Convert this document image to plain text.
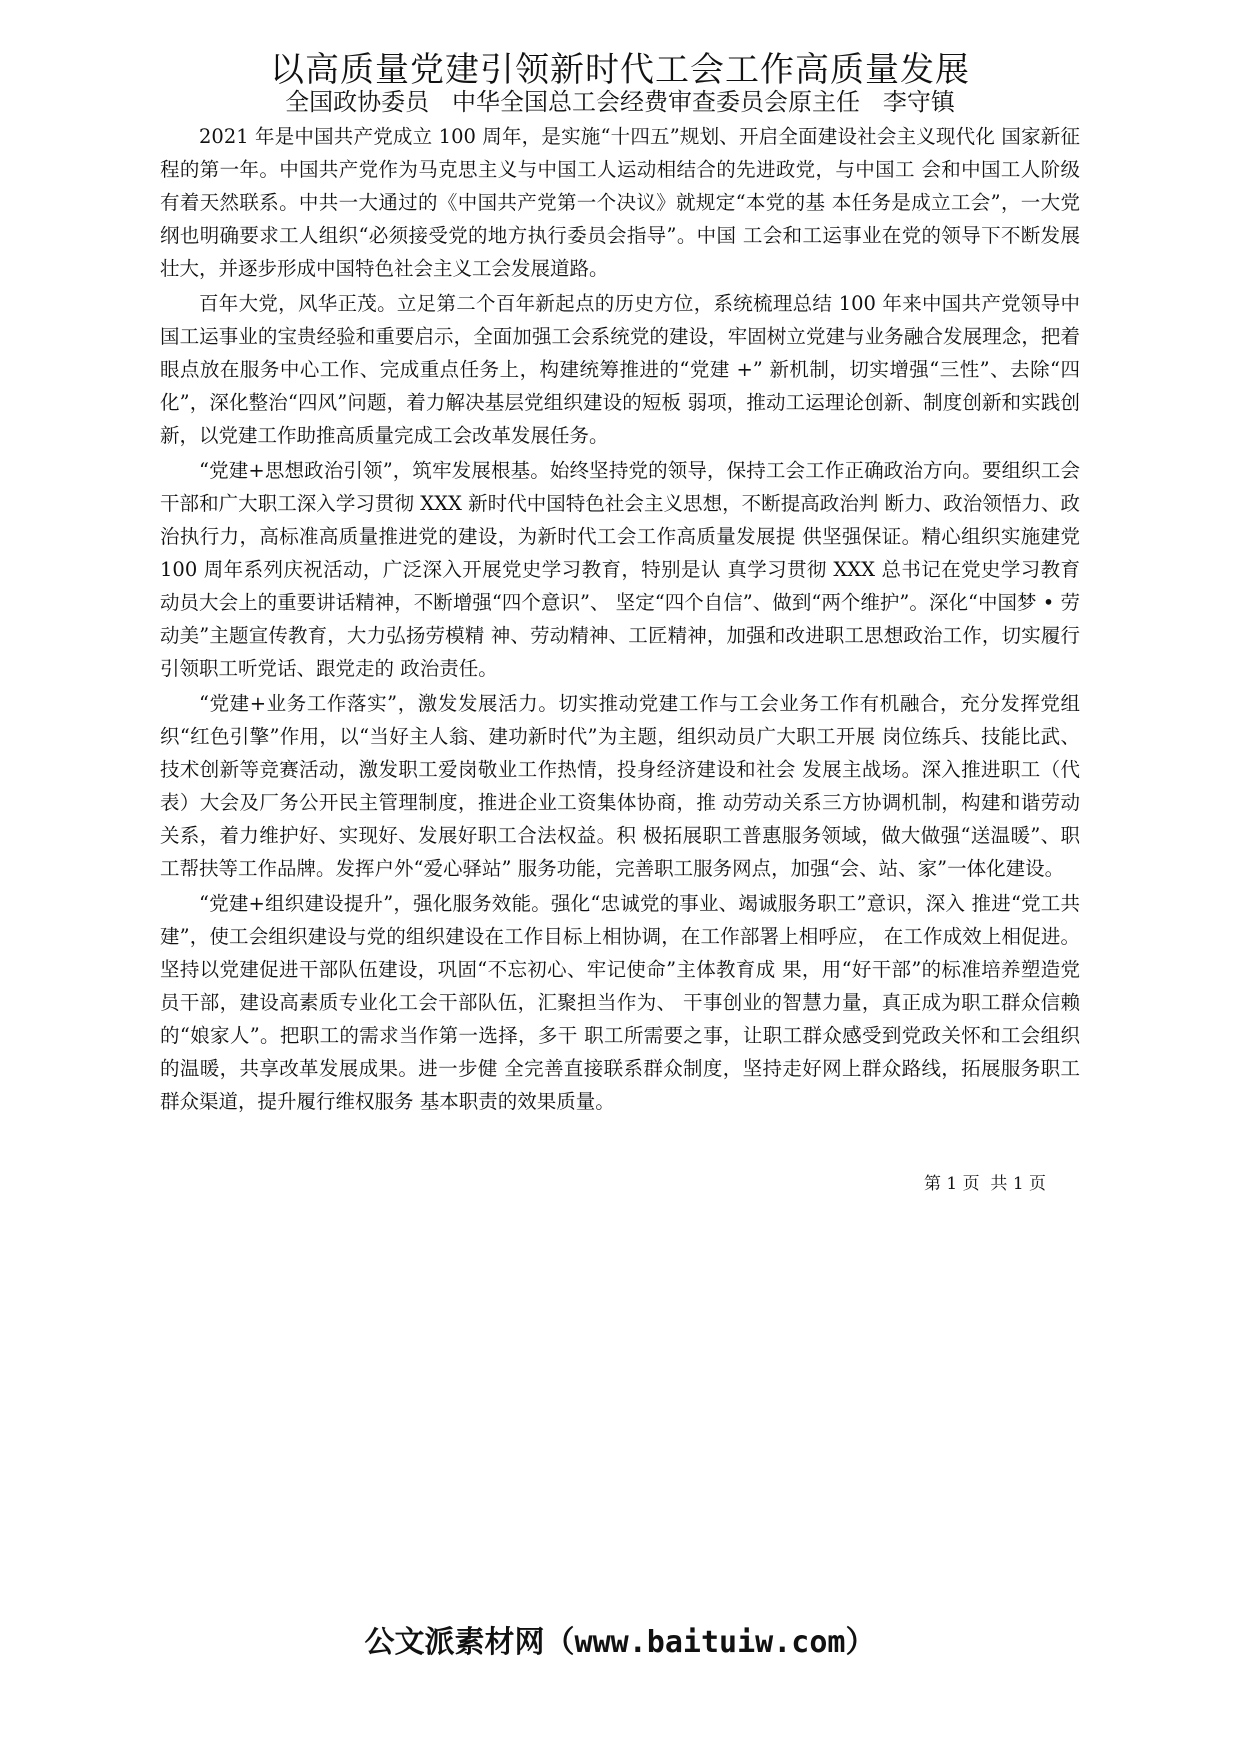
以高质量党建引领新时代工会工作高质量发展

全国政协委员   中华全国总工会经费审查委员会原主任   李守镇

2021 年是中国共产党成立 100 周年，是实施“十四五”规划、开启全面建设社会主义现代化 国家新征程的第一年。中国共产党作为马克思主义与中国工人运动相结合的先进政党，与中国工 会和中国工人阶级有着天然联系。中共一大通过的《中国共产党第一个决议》就规定“本党的基 本任务是成立工会”，一大党纲也明确要求工人组织“必须接受党的地方执行委员会指导”。中国 工会和工运事业在党的领导下不断发展壮大，并逐步形成中国特色社会主义工会发展道路。

百年大党，风华正茂。立足第二个百年新起点的历史方位，系统梳理总结 100 年来中国共产党领导中国工运事业的宝贵经验和重要启示，全面加强工会系统党的建设，牢固树立党建与业务融合发展理念，把着眼点放在服务中心工作、完成重点任务上，构建统筹推进的“党建 +” 新机制，切实增强“三性”、去除“四化”，深化整治“四风”问题，着力解决基层党组织建设的短板 弱项，推动工运理论创新、制度创新和实践创新，以党建工作助推高质量完成工会改革发展任务。

“党建+思想政治引领”，筑牢发展根基。始终坚持党的领导，保持工会工作正确政治方向。要组织工会干部和广大职工深入学习贯彻 XXX 新时代中国特色社会主义思想，不断提高政治判 断力、政治领悟力、政治执行力，高标准高质量推进党的建设，为新时代工会工作高质量发展提 供坚强保证。精心组织实施建党 100 周年系列庆祝活动，广泛深入开展党史学习教育，特别是认 真学习贯彻 XXX 总书记在党史学习教育动员大会上的重要讲话精神，不断增强“四个意识”、 坚定“四个自信”、做到“两个维护”。深化“中国梦 • 劳动美”主题宣传教育，大力弘扬劳模精 神、劳动精神、工匠精神，加强和改进职工思想政治工作，切实履行引领职工听党话、跟党走的 政治责任。

“党建+业务工作落实”，激发发展活力。切实推动党建工作与工会业务工作有机融合，充分发挥党组织“红色引擎”作用，以“当好主人翁、建功新时代”为主题，组织动员广大职工开展 岗位练兵、技能比武、技术创新等竞赛活动，激发职工爱岗敬业工作热情，投身经济建设和社会 发展主战场。深入推进职工（代表）大会及厂务公开民主管理制度，推进企业工资集体协商，推 动劳动关系三方协调机制，构建和谐劳动关系，着力维护好、实现好、发展好职工合法权益。积 极拓展职工普惠服务领域，做大做强“送温暖”、职工帮扶等工作品牌。发挥户外“爱心驿站” 服务功能，完善职工服务网点，加强“会、站、家”一体化建设。

“党建+组织建设提升”，强化服务效能。强化“忠诚党的事业、竭诚服务职工”意识，深入 推进“党工共建”，使工会组织建设与党的组织建设在工作目标上相协调，在工作部署上相呼应， 在工作成效上相促进。坚持以党建促进干部队伍建设，巩固“不忘初心、牢记使命”主体教育成 果，用“好干部”的标准培养塑造党员干部，建设高素质专业化工会干部队伍，汇聚担当作为、 干事创业的智慧力量，真正成为职工群众信赖的“娘家人”。把职工的需求当作第一选择，多干 职工所需要之事，让职工群众感受到党政关怀和工会组织的温暖，共享改革发展成果。进一步健 全完善直接联系群众制度，坚持走好网上群众路线，拓展服务职工群众渠道，提升履行维权服务 基本职责的效果质量。

第 1 页  共 1 页
公文派素材网（www.baituiw.com）
